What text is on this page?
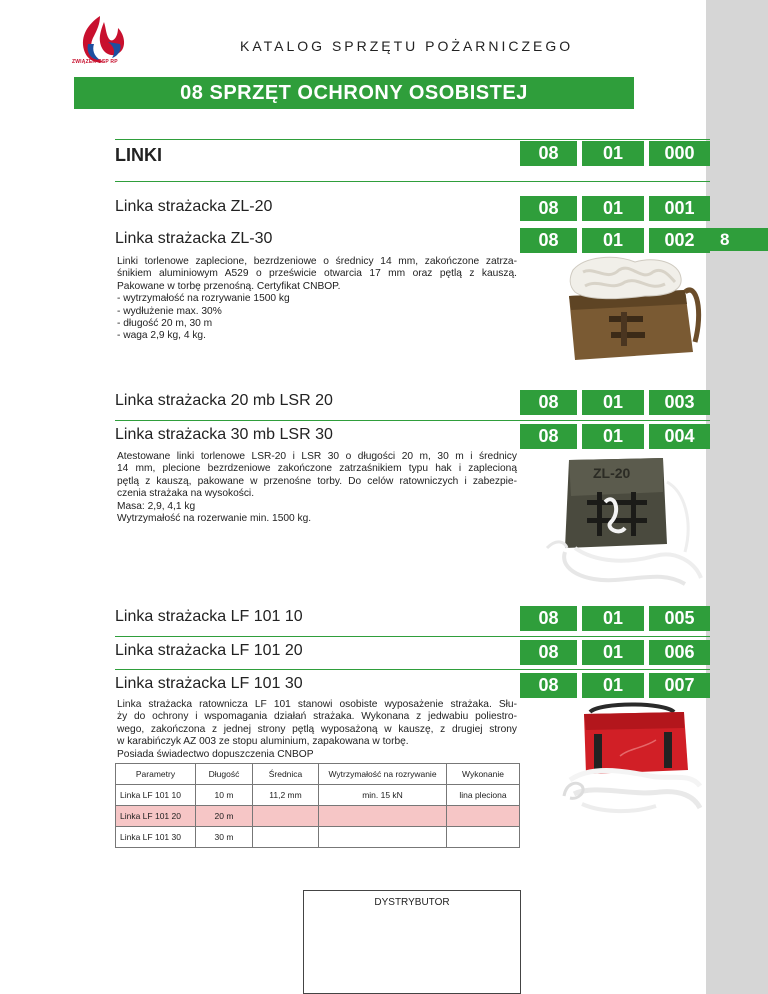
8
ZWIĄZEK OSP RP
KATALOG SPRZĘTU POŻARNICZEGO
08 SPRZĘT OCHRONY OSOBISTEJ
LINKI	08	01	000
Linka strażacka ZL-20	08	01	001
Linka strażacka ZL-30	08	01	002
Linki torlenowe zaplecione, bezrdzeniowe o średnicy 14 mm, zakończone zatrza-
śnikiem aluminiowym A529 o prześwicie otwarcia 17 mm oraz pętlą z kauszą.
Pakowane w torbę przenośną. Certyfikat CNBOP.
- wytrzymałość na rozrywanie 1500 kg
- wydłużenie max. 30%
- długość 20 m, 30 m
- waga 2,9 kg, 4 kg.
Linka strażacka 20 mb LSR 20	08	01	003
Linka strażacka 30 mb LSR 30	08	01	004
Atestowane linki torlenowe LSR-20 i LSR 30 o długości 20 m, 30 m i średnicy
14 mm, plecione bezrdzeniowe zakończone zatrzaśnikiem typu hak i zaplecioną
pętlą z kauszą, pakowane w przenośne torby. Do celów ratowniczych i zabezpie-
czenia strażaka na wysokości.
Masa: 2,9, 4,1 kg
Wytrzymałość na rozerwanie min. 1500 kg.
ZL-20
Linka strażacka LF 101 10	08	01	005
Linka strażacka LF 101 20	08	01	006
Linka strażacka LF 101 30	08	01	007
Linka strażacka ratownicza LF 101 stanowi osobiste wyposażenie strażaka. Słu-
ży do ochrony i wspomagania działań strażaka. Wykonana z jedwabiu poliestro-
wego, zakończona z jednej strony pętlą wyposażoną w kauszę, z drugiej strony
w karabińczyk AZ 003 ze stopu aluminium, zapakowana w torbę.
Posiada świadectwo dopuszczenia CNBOP
Parametry	Długość	Średnica	Wytrzymałość na rozrywanie	Wykonanie
Linka LF 101 10	10 m	11,2 mm	min. 15 kN	lina pleciona
Linka LF 101 20	20 m			
Linka LF 101 30	30 m			
DYSTRYBUTOR
